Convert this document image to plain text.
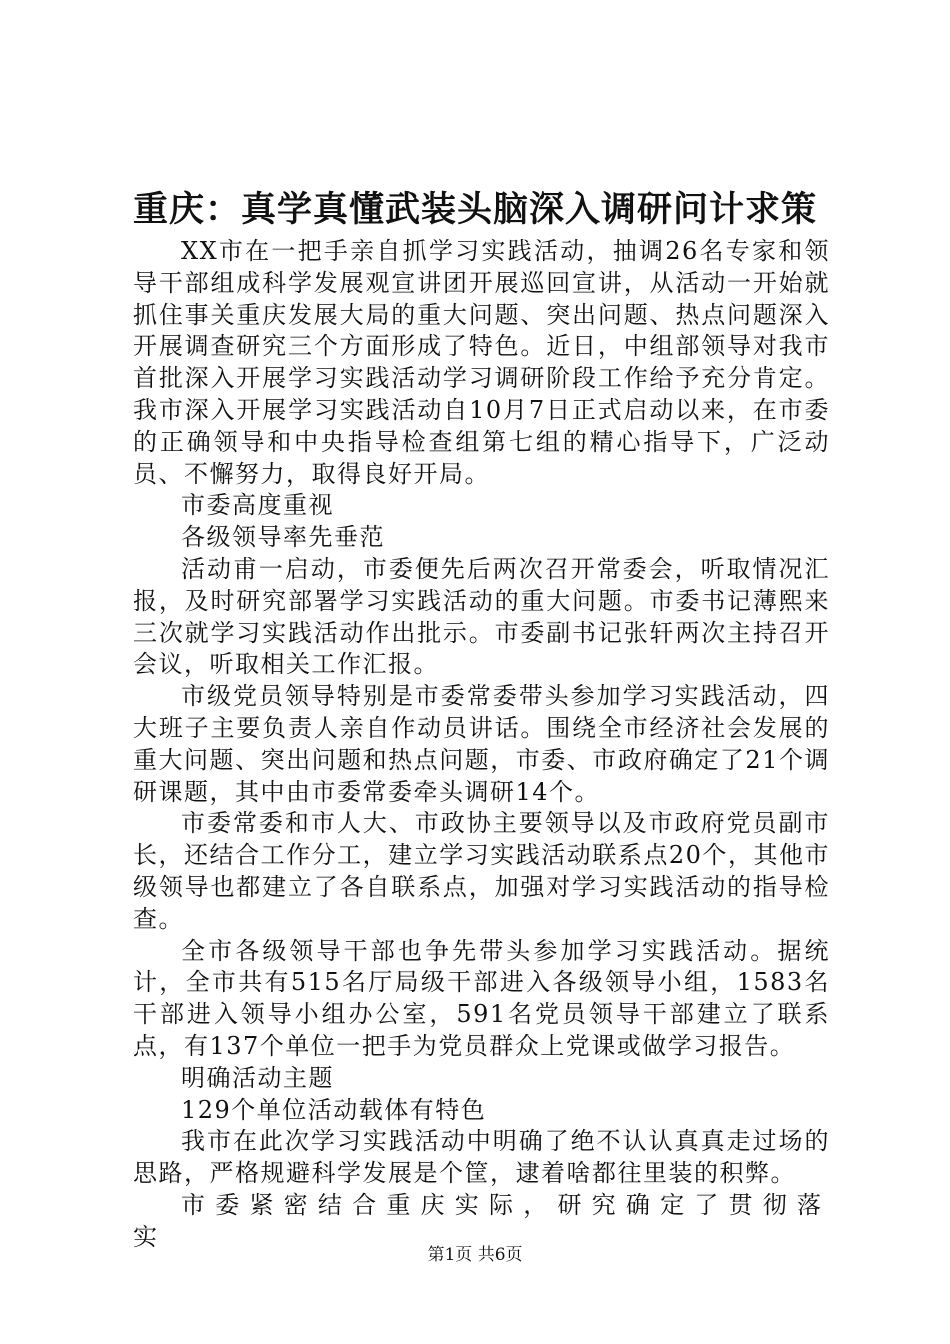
重庆：真学真懂武装头脑深入调研问计求策

XX市在一把手亲自抓学习实践活动，抽调26名专家和领导干部组成科学发展观宣讲团开展巡回宣讲，从活动一开始就抓住事关重庆发展大局的重大问题、突出问题、热点问题深入开展调查研究三个方面形成了特色。近日，中组部领导对我市首批深入开展学习实践活动学习调研阶段工作给予充分肯定。我市深入开展学习实践活动自10月7日正式启动以来，在市委的正确领导和中央指导检查组第七组的精心指导下，广泛动员、不懈努力，取得良好开局。

市委高度重视

各级领导率先垂范

活动甫一启动，市委便先后两次召开常委会，听取情况汇报，及时研究部署学习实践活动的重大问题。市委书记薄熙来三次就学习实践活动作出批示。市委副书记张轩两次主持召开会议，听取相关工作汇报。

市级党员领导特别是市委常委带头参加学习实践活动，四大班子主要负责人亲自作动员讲话。围绕全市经济社会发展的重大问题、突出问题和热点问题，市委、市政府确定了21个调研课题，其中由市委常委牵头调研14个。

市委常委和市人大、市政协主要领导以及市政府党员副市长，还结合工作分工，建立学习实践活动联系点20个，其他市级领导也都建立了各自联系点，加强对学习实践活动的指导检查。

全市各级领导干部也争先带头参加学习实践活动。据统计，全市共有515名厅局级干部进入各级领导小组，1583名干部进入领导小组办公室，591名党员领导干部建立了联系点，有137个单位一把手为党员群众上党课或做学习报告。

明确活动主题

129个单位活动载体有特色

我市在此次学习实践活动中明确了绝不认认真真走过场的思路，严格规避科学发展是个筐，逮着啥都往里装的积弊。

市委紧密结合重庆实际，研究确定了贯彻落实

第1页 共6页
